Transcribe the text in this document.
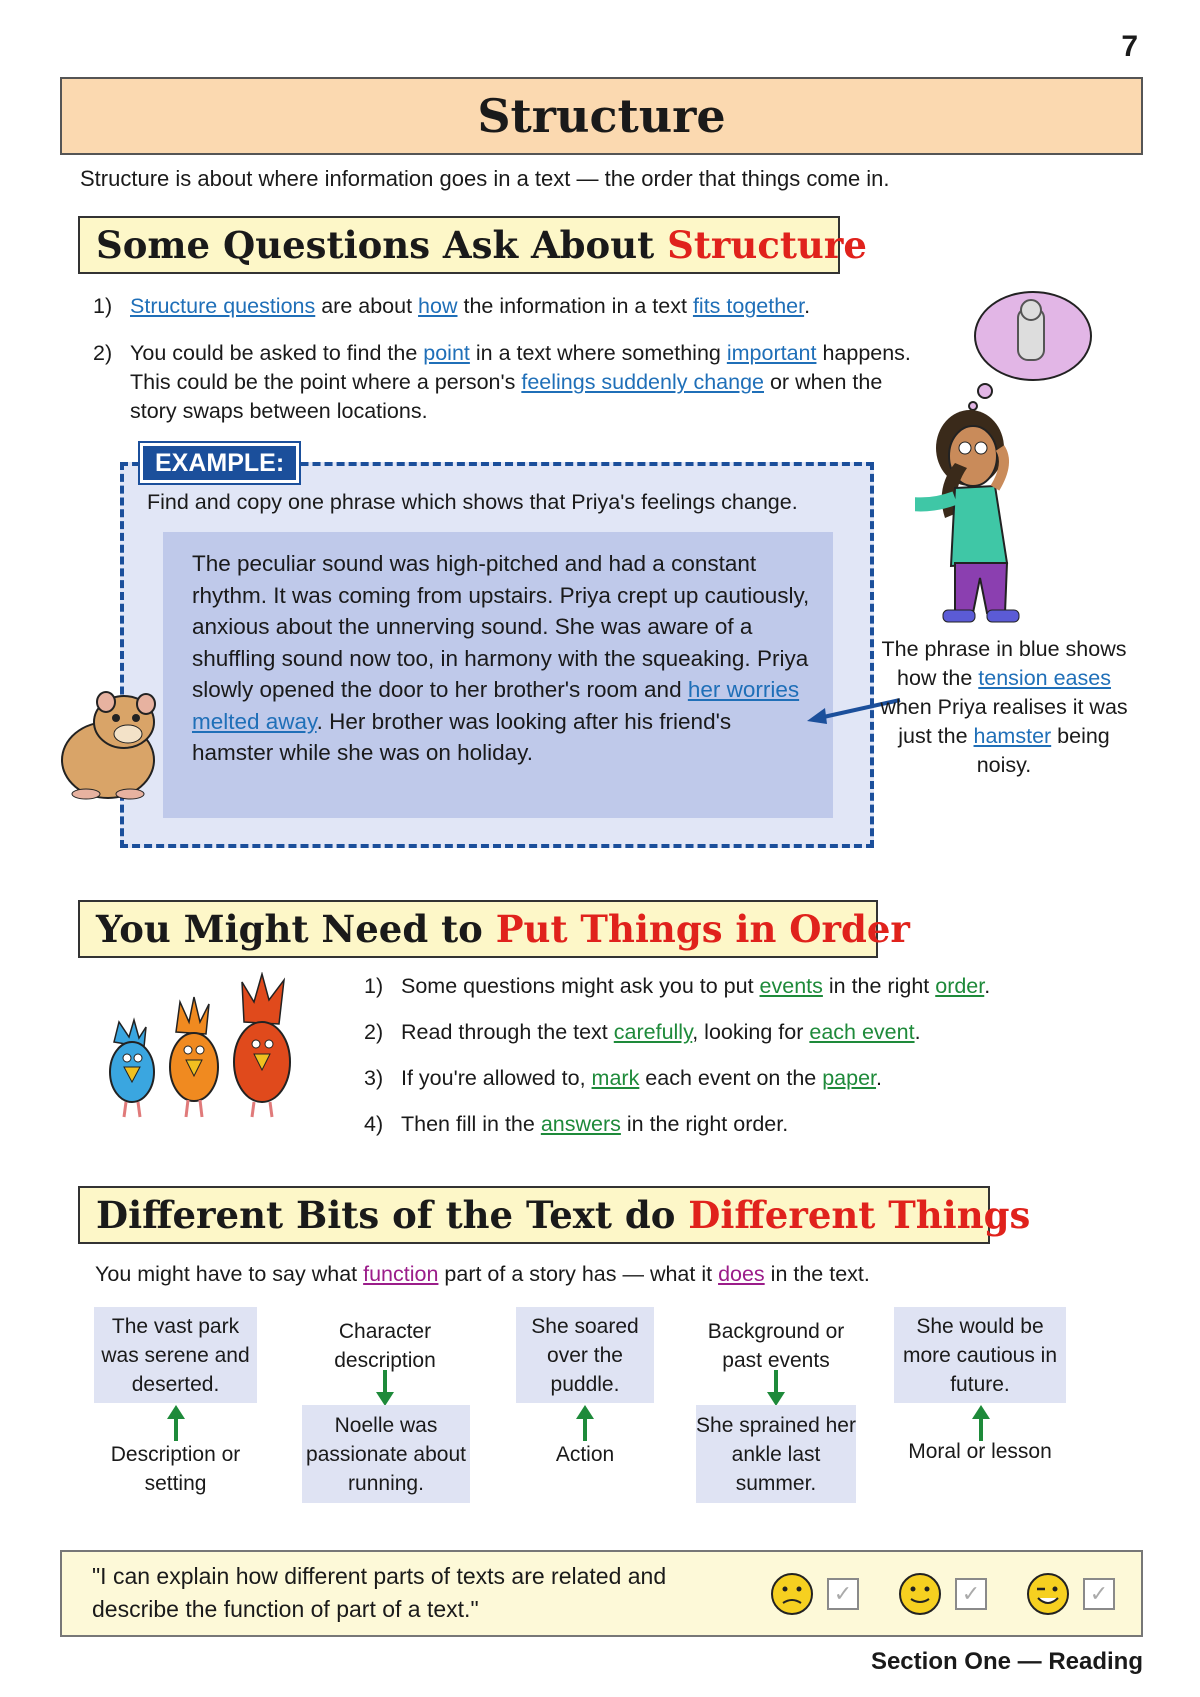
7
Structure
Structure is about where information goes in a text — the order that things come in.
Some Questions Ask About
Structure
1) Structure questions are about how the information in a text fits together.
2) You could be asked to find the point in a text where something important happens. This could be the point where a person's feelings suddenly change or when the story swaps between locations.
EXAMPLE:
Find and copy one phrase which shows that Priya's feelings change.
The peculiar sound was high-pitched and had a constant rhythm. It was coming from upstairs. Priya crept up cautiously, anxious about the unnerving sound. She was aware of a shuffling sound now too, in harmony with the squeaking. Priya slowly opened the door to her brother's room and her worries melted away. Her brother was looking after his friend's hamster while she was on holiday.
The phrase in blue shows how the tension eases when Priya realises it was just the hamster being noisy.
You Might Need to
Put Things in Order
1) Some questions might ask you to put events in the right order.
2) Read through the text carefully, looking for each event.
3) If you're allowed to, mark each event on the paper.
4) Then fill in the answers in the right order.
Different Bits of the Text do
Different Things
You might have to say what function part of a story has — what it does in the text.
The vast park was serene and deserted.
Description or setting
Character description
Noelle was passionate about running.
She soared over the puddle.
Action
Background or past events
She sprained her ankle last summer.
She would be more cautious in future.
Moral or lesson
"I can explain how different parts of texts are related and describe the function of part of a text."
✓	✓	✓
Section One — Reading
